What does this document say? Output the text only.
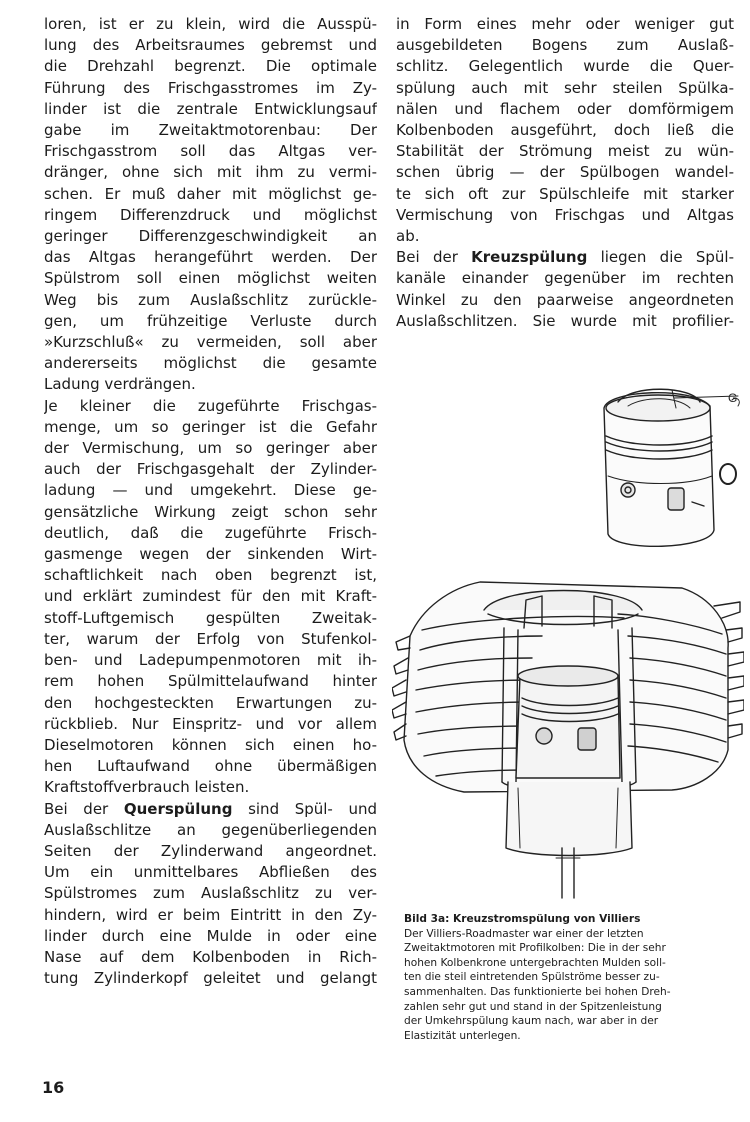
loren, ist er zu klein, wird die Ausspü-
lung des Arbeitsraumes gebremst und
die Drehzahl begrenzt. Die optimale
Führung des Frischgasstromes im Zy-
linder ist die zentrale Entwicklungsauf
gabe im Zweitaktmotorenbau: Der
Frischgasstrom soll das Altgas ver-
dränger, ohne sich mit ihm zu vermi-
schen. Er muß daher mit möglichst ge-
ringem Differenzdruck und möglichst
geringer Differenzgeschwindigkeit an
das Altgas herangeführt werden. Der
Spülstrom soll einen möglichst weiten
Weg bis zum Auslaßschlitz zurückle-
gen, um frühzeitige Verluste durch
»Kurzschluß« zu vermeiden, soll aber
andererseits möglichst die gesamte
Ladung verdrängen.

Je kleiner die zugeführte Frischgas-
menge, um so geringer ist die Gefahr
der Vermischung, um so geringer aber
auch der Frischgasgehalt der Zylinder-
ladung — und umgekehrt. Diese ge-
gensätzliche Wirkung zeigt schon sehr
deutlich, daß die zugeführte Frisch-
gasmenge wegen der sinkenden Wirt-
schaftlichkeit nach oben begrenzt ist,
und erklärt zumindest für den mit Kraft-
stoff-Luftgemisch gespülten Zweitak-
ter, warum der Erfolg von Stufenkol-
ben- und Ladepumpenmotoren mit ih-
rem hohen Spülmittelaufwand hinter
den hochgesteckten Erwartungen zu-
rückblieb. Nur Einspritz- und vor allem
Dieselmotoren können sich einen ho-
hen Luftaufwand ohne übermäßigen
Kraftstoffverbrauch leisten.

Bei der Querspülung sind Spül- und
Auslaßschlitze an gegenüberliegenden
Seiten der Zylinderwand angeordnet.
Um ein unmittelbares Abfließen des
Spülstromes zum Auslaßschlitz zu ver-
hindern, wird er beim Eintritt in den Zy-
linder durch eine Mulde in oder eine
Nase auf dem Kolbenboden in Rich-
tung Zylinderkopf geleitet und gelangt

in Form eines mehr oder weniger gut
ausgebildeten Bogens zum Auslaß-
schlitz. Gelegentlich wurde die Quer-
spülung auch mit sehr steilen Spülka-
nälen und flachem oder domförmigem
Kolbenboden ausgeführt, doch ließ die
Stabilität der Strömung meist zu wün-
schen übrig — der Spülbogen wandel-
te sich oft zur Spülschleife mit starker
Vermischung von Frischgas und Altgas
ab.

Bei der Kreuzspülung liegen die Spül-
kanäle einander gegenüber im rechten
Winkel zu den paarweise angeordneten
Auslaßschlitzen. Sie wurde mit profilier-

G
Bild 3a: Kreuzstromspülung von Villiers
Der Villiers-Roadmaster war einer der letzten
Zweitaktmotoren mit Profilkolben: Die in der sehr
hohen Kolbenkrone untergebrachten Mulden soll-
ten die steil eintretenden Spülströme besser zu-
sammenhalten. Das funktionierte bei hohen Dreh-
zahlen sehr gut und stand in der Spitzenleistung
der Umkehrspülung kaum nach, war aber in der
Elastizität unterlegen.
16
